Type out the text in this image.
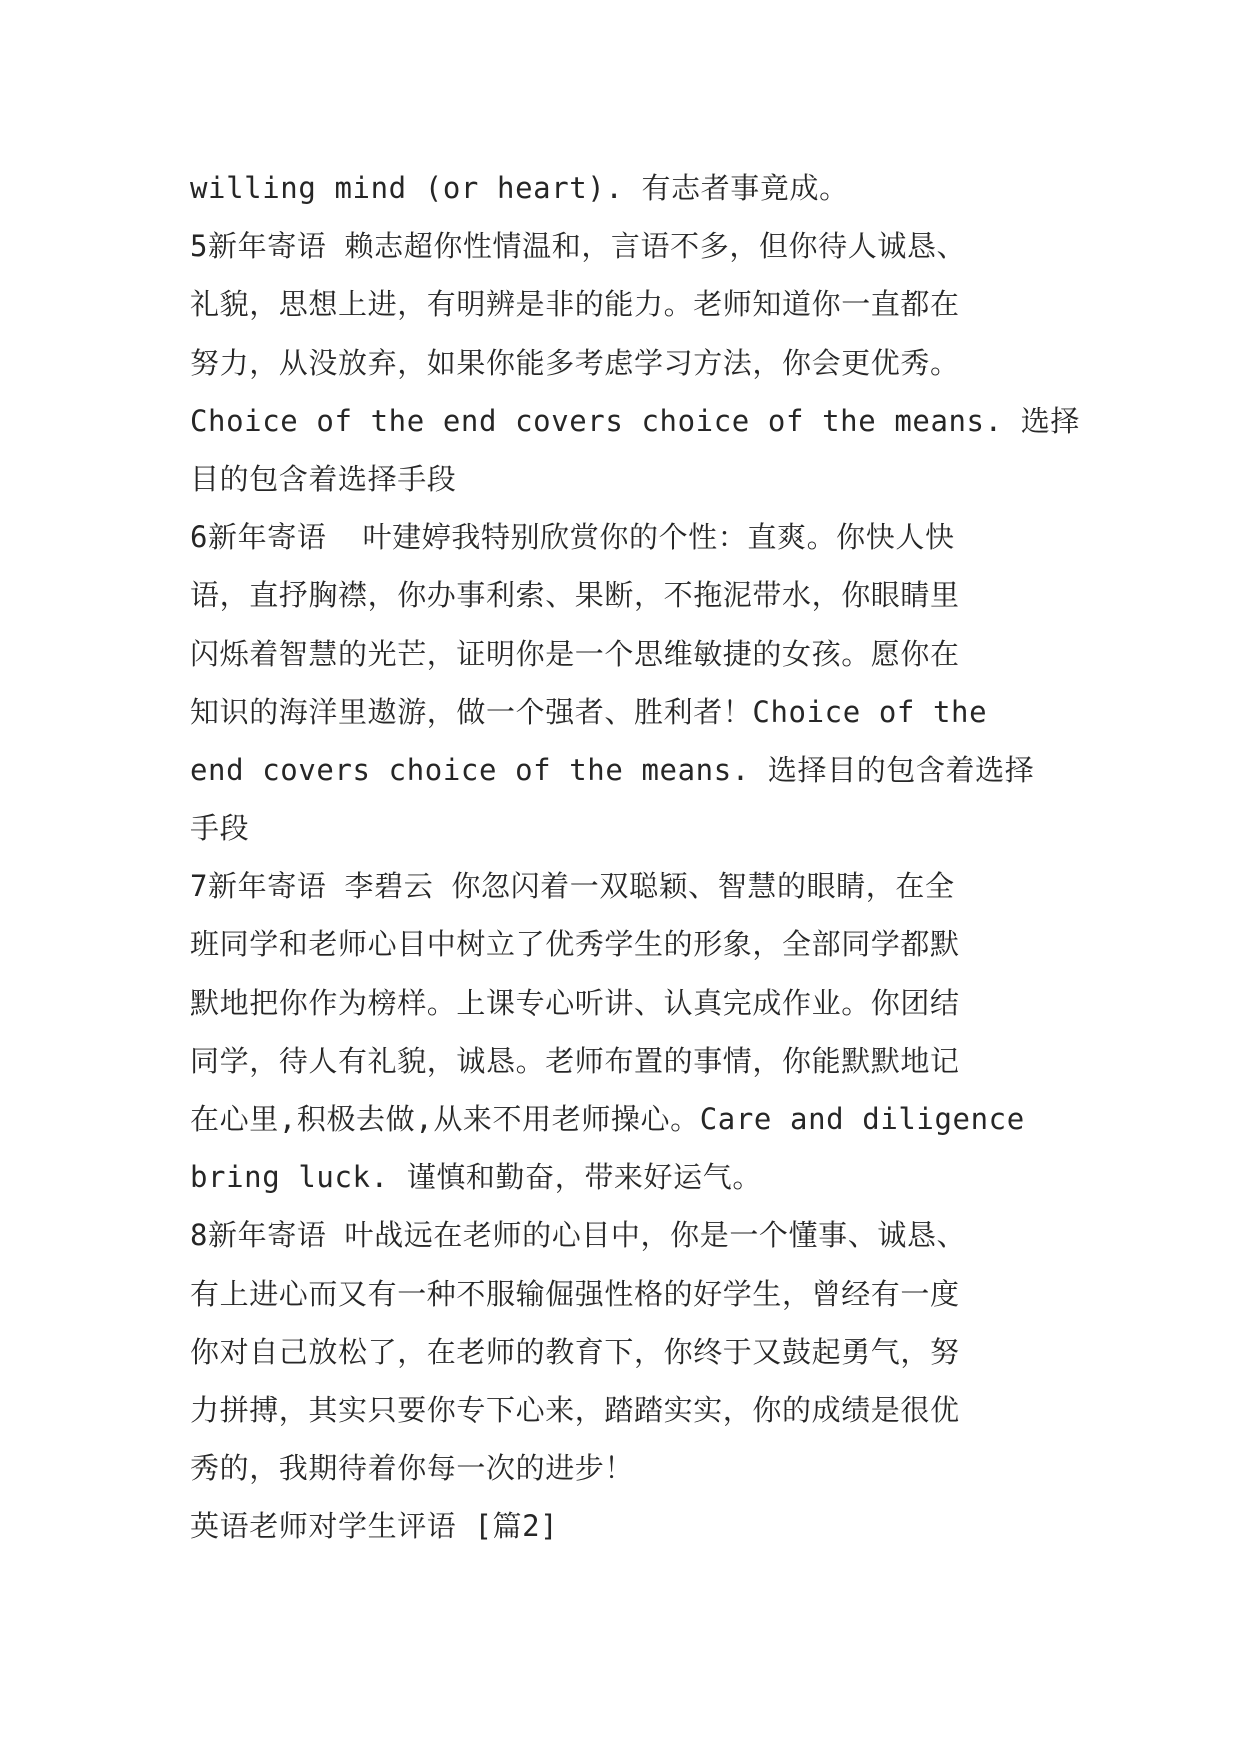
willing mind (or heart). 有志者事竟成。
5新年寄语 赖志超你性情温和，言语不多，但你待人诚恳、
礼貌，思想上进，有明辨是非的能力。老师知道你一直都在
努力，从没放弃，如果你能多考虑学习方法，你会更优秀。
Choice of the end covers choice of the means. 选择
目的包含着选择手段
6新年寄语  叶建婷我特别欣赏你的个性：直爽。你快人快
语，直抒胸襟，你办事利索、果断，不拖泥带水，你眼睛里
闪烁着智慧的光芒，证明你是一个思维敏捷的女孩。愿你在
知识的海洋里遨游，做一个强者、胜利者！Choice of the
end covers choice of the means. 选择目的包含着选择
手段
7新年寄语 李碧云 你忽闪着一双聪颖、智慧的眼睛，在全
班同学和老师心目中树立了优秀学生的形象，全部同学都默
默地把你作为榜样。上课专心听讲、认真完成作业。你团结
同学，待人有礼貌，诚恳。老师布置的事情，你能默默地记
在心里,积极去做,从来不用老师操心。Care and diligence
bring luck. 谨慎和勤奋，带来好运气。
8新年寄语 叶战远在老师的心目中，你是一个懂事、诚恳、
有上进心而又有一种不服输倔强性格的好学生，曾经有一度
你对自己放松了，在老师的教育下，你终于又鼓起勇气，努
力拼搏，其实只要你专下心来，踏踏实实，你的成绩是很优
秀的，我期待着你每一次的进步！
英语老师对学生评语 [篇2]
